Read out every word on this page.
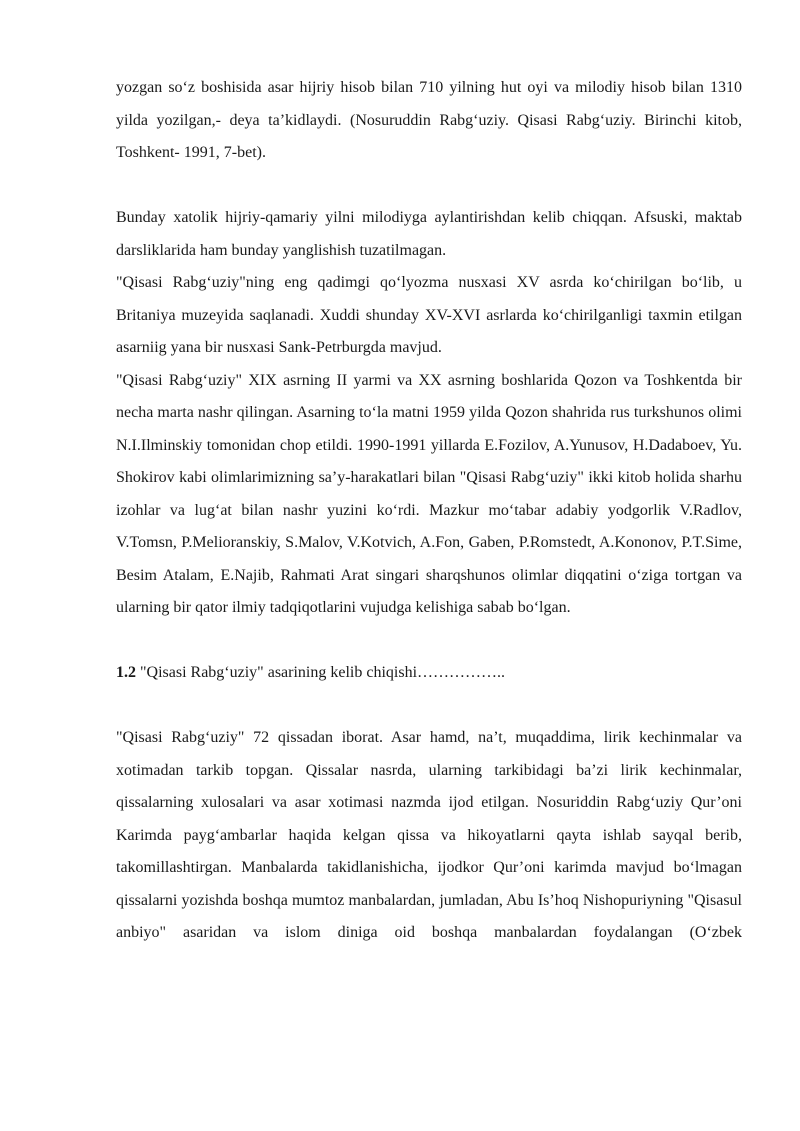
yozgan so‘z boshisida asar hijriy hisob bilan 710 yilning hut oyi va milodiy hisob bilan 1310 yilda yozilgan,- deya ta’kidlaydi. (Nosuruddin Rabg‘uziy. Qisasi Rabg‘uziy. Birinchi kitob, Toshkent- 1991, 7-bet).

Bunday xatolik hijriy-qamariy yilni milodiyga aylantirishdan kelib chiqqan. Afsuski, maktab darsliklarida ham bunday yanglishish tuzatilmagan.

"Qisasi Rabg‘uziy"ning eng qadimgi qo‘lyozma nusxasi XV asrda ko‘chirilgan bo‘lib, u Britaniya muzeyida saqlanadi. Xuddi shunday XV-XVI asrlarda ko‘chirilganligi taxmin etilgan asarniig yana bir nusxasi Sank-Petrburgda mavjud.

"Qisasi Rabg‘uziy" XIX asrning II yarmi va XX asrning boshlarida Qozon va Toshkentda bir necha marta nashr qilingan. Asarning to‘la matni 1959 yilda Qozon shahrida rus turkshunos olimi N.I.Ilminskiy tomonidan chop etildi. 1990-1991 yillarda E.Fozilov, A.Yunusov, H.Dadaboev, Yu. Shokirov kabi olimlarimizning sa’y-harakatlari bilan "Qisasi Rabg‘uziy" ikki kitob holida sharhu izohlar va lug‘at bilan nashr yuzini ko‘rdi. Mazkur mo‘tabar adabiy yodgorlik V.Radlov, V.Tomsn, P.Melioranskiy, S.Malov, V.Kotvich, A.Fon, Gaben, P.Romstedt, A.Kononov, P.T.Sime, Besim Atalam, E.Najib, Rahmati Arat singari sharqshunos olimlar diqqatini o‘ziga tortgan va ularning bir qator ilmiy tadqiqotlarini vujudga kelishiga sabab bo‘lgan.

1.2 "Qisasi Rabg‘uziy" asarining kelib chiqishi……………..

"Qisasi Rabg‘uziy" 72 qissadan iborat. Asar hamd, na’t, muqaddima, lirik kechinmalar va xotimadan tarkib topgan. Qissalar nasrda, ularning tarkibidagi ba’zi lirik kechinmalar, qissalarning xulosalari va asar xotimasi nazmda ijod etilgan. Nosuriddin Rabg‘uziy Qur’oni Karimda payg‘ambarlar haqida kelgan qissa va hikoyatlarni qayta ishlab sayqal berib, takomillashtirgan. Manbalarda takidlanishicha, ijodkor Qur’oni karimda mavjud bo‘lmagan qissalarni yozishda boshqa mumtoz manbalardan, jumladan, Abu Is’hoq Nishopuriyning "Qisasul anbiyo" asaridan va islom diniga oid boshqa manbalardan foydalangan (O‘zbek
